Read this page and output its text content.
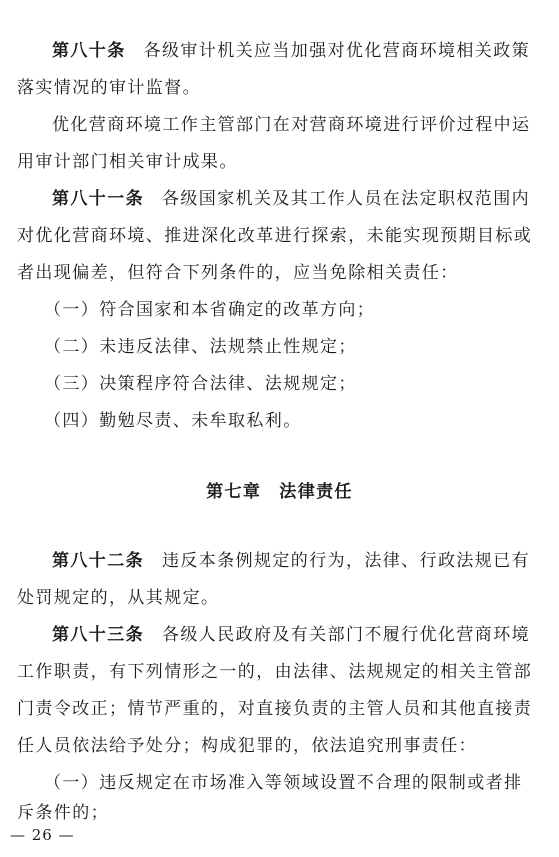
第八十条 各级审计机关应当加强对优化营商环境相关政策
落实情况的审计监督。
优化营商环境工作主管部门在对营商环境进行评价过程中运
用审计部门相关审计成果。
第八十一条 各级国家机关及其工作人员在法定职权范围内
对优化营商环境、推进深化改革进行探索，未能实现预期目标或
者出现偏差，但符合下列条件的，应当免除相关责任：
（一）符合国家和本省确定的改革方向；
（二）未违反法律、法规禁止性规定；
（三）决策程序符合法律、法规规定；
（四）勤勉尽责、未牟取私利。
第七章 法律责任
第八十二条 违反本条例规定的行为，法律、行政法规已有
处罚规定的，从其规定。
第八十三条 各级人民政府及有关部门不履行优化营商环境
工作职责，有下列情形之一的，由法律、法规规定的相关主管部
门责令改正；情节严重的，对直接负责的主管人员和其他直接责
任人员依法给予处分；构成犯罪的，依法追究刑事责任：
（一）违反规定在市场准入等领域设置不合理的限制或者排
斥条件的；
— 26 —
